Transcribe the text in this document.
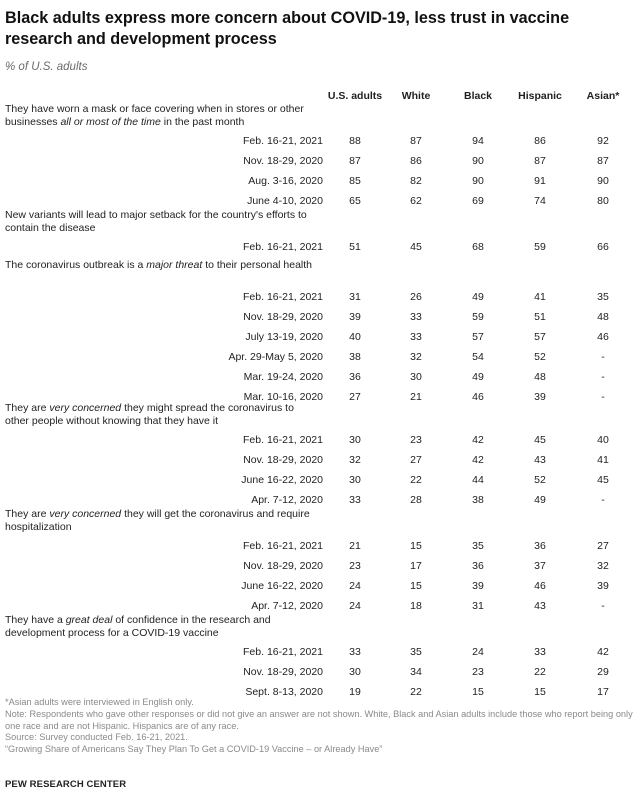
Black adults express more concern about COVID-19, less trust in vaccine research and development process
% of U.S. adults
U.S. adults	White	Black	Hispanic	Asian*
They have worn a mask or face covering when in stores or other businesses all or most of the time in the past month
Feb. 16-21, 2021	88	87	94	86	92
Nov. 18-29, 2020	87	86	90	87	87
Aug. 3-16, 2020	85	82	90	91	90
June 4-10, 2020	65	62	69	74	80
New variants will lead to major setback for the country's efforts to contain the disease
Feb. 16-21, 2021	51	45	68	59	66
The coronavirus outbreak is a major threat to their personal health
Feb. 16-21, 2021	31	26	49	41	35
Nov. 18-29, 2020	39	33	59	51	48
July 13-19, 2020	40	33	57	57	46
Apr. 29-May 5, 2020	38	32	54	52	-
Mar. 19-24, 2020	36	30	49	48	-
Mar. 10-16, 2020	27	21	46	39	-
They are very concerned they might spread the coronavirus to other people without knowing that they have it
Feb. 16-21, 2021	30	23	42	45	40
Nov. 18-29, 2020	32	27	42	43	41
June 16-22, 2020	30	22	44	52	45
Apr. 7-12, 2020	33	28	38	49	-
They are very concerned they will get the coronavirus and require hospitalization
Feb. 16-21, 2021	21	15	35	36	27
Nov. 18-29, 2020	23	17	36	37	32
June 16-22, 2020	24	15	39	46	39
Apr. 7-12, 2020	24	18	31	43	-
They have a great deal of confidence in the research and development process for a COVID-19 vaccine
Feb. 16-21, 2021	33	35	24	33	42
Nov. 18-29, 2020	30	34	23	22	29
Sept. 8-13, 2020	19	22	15	15	17
*Asian adults were interviewed in English only.
Note: Respondents who gave other responses or did not give an answer are not shown. White, Black and Asian adults include those who report being only one race and are not Hispanic. Hispanics are of any race.
Source: Survey conducted Feb. 16-21, 2021.
“Growing Share of Americans Say They Plan To Get a COVID-19 Vaccine – or Already Have”
PEW RESEARCH CENTER
